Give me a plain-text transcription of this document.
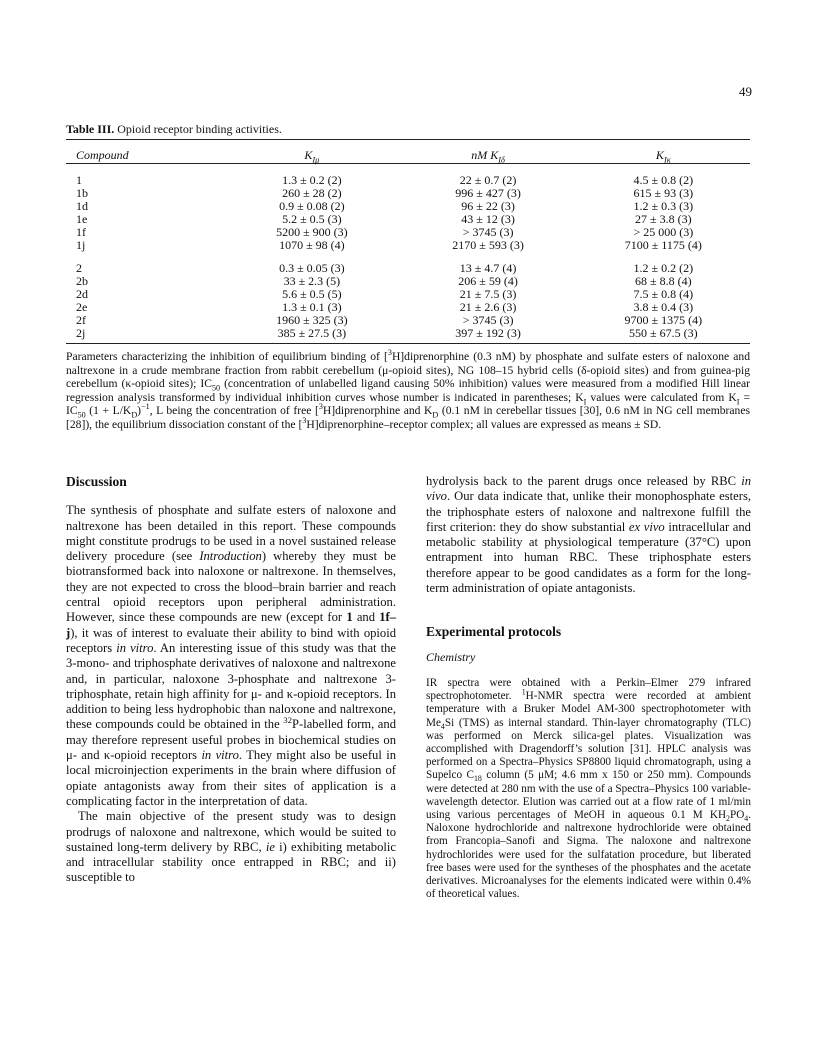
49
Table III. Opioid receptor binding activities.
Compound	$K_{I\mu}$	nM $K_{I\delta}$	$K_{I\kappa}$

1	1.3 ± 0.2 (2)	22 ± 0.7 (2)	4.5 ± 0.8 (2)
1b	260 ± 28 (2)	996 ± 427 (3)	615 ± 93 (3)
1d	0.9 ± 0.08 (2)	96 ± 22 (3)	1.2 ± 0.3 (3)
1e	5.2 ± 0.5 (3)	43 ± 12 (3)	27 ± 3.8 (3)
1f	5200 ± 900 (3)	> 3745 (3)	> 25 000 (3)
1j	1070 ± 98 (4)	2170 ± 593 (3)	7100 ± 1175 (4)

2	0.3 ± 0.05 (3)	13 ± 4.7 (4)	1.2 ± 0.2 (2)
2b	33 ± 2.3 (5)	206 ± 59 (4)	68 ± 8.8 (4)
2d	5.6 ± 0.5 (5)	21 ± 7.5 (3)	7.5 ± 0.8 (4)
2e	1.3 ± 0.1 (3)	21 ± 2.6 (3)	3.8 ± 0.4 (3)
2f	1960 ± 325 (3)	> 3745 (3)	9700 ± 1375 (4)
2j	385 ± 27.5 (3)	397 ± 192 (3)	550 ± 67.5 (3)
Parameters characterizing the inhibition of equilibrium binding of [$^3$H]diprenorphine (0.3 nM) by phosphate and sulfate esters of naloxone and naltrexone in a crude membrane fraction from rabbit cerebellum (μ-opioid sites), NG 108–15 hybrid cells (δ-opioid sites) and from guinea-pig cerebellum (κ-opioid sites); $IC_{50}$ (concentration of unlabelled ligand causing 50% inhibition) values were measured from a modified Hill linear regression analysis transformed by individual inhibition curves whose number is indicated in parentheses; $K_I$ values were calculated from $K_I = IC_{50}$ $(1 + L/K_D)^{-1}$, L being the concentration of free [$^3$H]diprenorphine and $K_D$ (0.1 nM in cerebellar tissues [30], 0.6 nM in NG cell membranes [28]), the equilibrium dissociation constant of the [$^3$H]diprenorphine–receptor complex; all values are expressed as means ± SD.
Discussion

The synthesis of phosphate and sulfate esters of naloxone and naltrexone has been detailed in this report. These compounds might constitute prodrugs to be used in a novel sustained release delivery procedure (see Introduction) whereby they must be biotransformed back into naloxone or naltrexone. In themselves, they are not expected to cross the blood–brain barrier and reach central opioid receptors upon peripheral administration. However, since these compounds are new (except for 1 and 1f–j), it was of interest to evaluate their ability to bind with opioid receptors in vitro. An interesting issue of this study was that the 3-mono- and triphosphate derivatives of naloxone and naltrexone and, in particular, naloxone 3-phosphate and naltrexone 3-triphosphate, retain high affinity for μ- and κ-opioid receptors. In addition to being less hydrophobic than naloxone and naltrexone, these compounds could be obtained in the $^{32}$P-labelled form, and may therefore represent useful probes in biochemical studies on μ- and κ-opioid receptors in vitro. They might also be useful in local microinjection experiments in the brain where diffusion of opiate antagonists away from their sites of application is a complicating factor in the interpretation of data.

The main objective of the present study was to design prodrugs of naloxone and naltrexone, which would be suited to sustained long-term delivery by RBC, ie i) exhibiting metabolic and intracellular stability once entrapped in RBC; and ii) susceptible to

hydrolysis back to the parent drugs once released by RBC in vivo. Our data indicate that, unlike their monophosphate esters, the triphosphate esters of naloxone and naltrexone fulfill the first criterion: they do show substantial ex vivo intracellular and metabolic stability at physiological temperature (37°C) upon entrapment into human RBC. These triphosphate esters therefore appear to be good candidates as a form for the long-term administration of opiate antagonists.

Experimental protocols
Chemistry

IR spectra were obtained with a Perkin–Elmer 279 infrared spectrophotometer. $^1$H-NMR spectra were recorded at ambient temperature with a Bruker Model AM-300 spectrophotometer with $Me_4Si$ (TMS) as internal standard. Thin-layer chromatography (TLC) was performed on Merck silica-gel plates. Visualization was accomplished with Dragendorff’s solution [31]. HPLC analysis was performed on a Spectra–Physics SP8800 liquid chromatograph, using a Supelco $C_{18}$ column (5 μM; 4.6 mm x 150 or 250 mm). Compounds were detected at 280 nm with the use of a Spectra–Physics 100 variable-wavelength detector. Elution was carried out at a flow rate of 1 ml/min using various percentages of MeOH in aqueous 0.1 M $KH_2PO_4$. Naloxone hydrochloride and naltrexone hydrochloride were obtained from Francopia–Sanofi and Sigma. The naloxone and naltrexone hydrochlorides were used for the sulfatation procedure, but liberated free bases were used for the syntheses of the phosphates and the acetate derivatives. Microanalyses for the elements indicated were within 0.4% of theoretical values.
